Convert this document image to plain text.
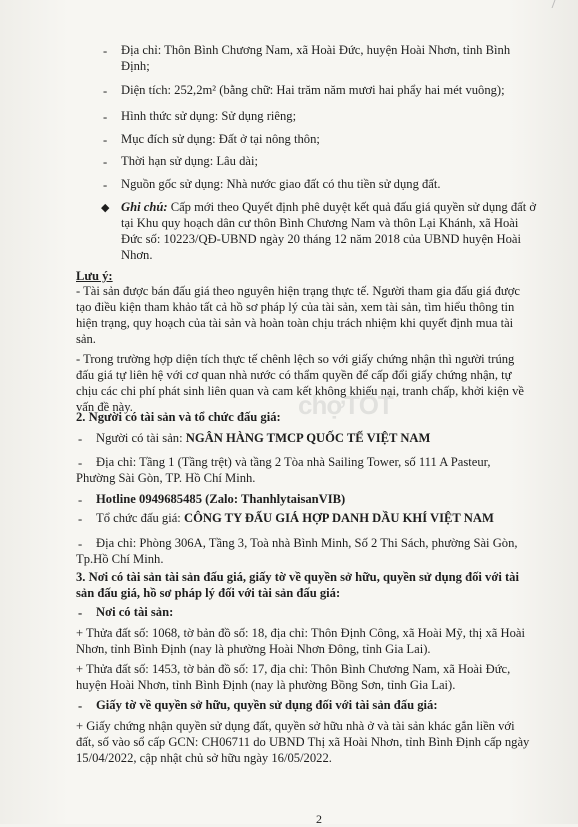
- Địa chỉ: Thôn Bình Chương Nam, xã Hoài Đức, huyện Hoài Nhơn, tỉnh Bình
Định;
- Diện tích: 252,2m² (bằng chữ: Hai trăm năm mươi hai phẩy hai mét vuông);
- Hình thức sử dụng: Sử dụng riêng;
- Mục đích sử dụng: Đất ở tại nông thôn;
- Thời hạn sử dụng: Lâu dài;
- Nguồn gốc sử dụng: Nhà nước giao đất có thu tiền sử dụng đất.
◆ Ghi chú: Cấp mới theo Quyết định phê duyệt kết quả đấu giá quyền sử dụng đất ở
tại Khu quy hoạch dân cư thôn Bình Chương Nam và thôn Lại Khánh, xã Hoài
Đức số: 10223/QĐ-UBND ngày 20 tháng 12 năm 2018 của UBND huyện Hoài
Nhơn.
Lưu ý:
- Tài sản được bán đấu giá theo nguyên hiện trạng thực tế. Người tham gia đấu giá được
tạo điều kiện tham khảo tất cả hồ sơ pháp lý của tài sản, xem tài sản, tìm hiểu thông tin
hiện trạng, quy hoạch của tài sản và hoàn toàn chịu trách nhiệm khi quyết định mua tài
sản.
- Trong trường hợp diện tích thực tế chênh lệch so với giấy chứng nhận thì người trúng
đấu giá tự liên hệ với cơ quan nhà nước có thẩm quyền để cấp đổi giấy chứng nhận, tự
chịu các chi phí phát sinh liên quan và cam kết không khiếu nại, tranh chấp, khởi kiện về
vấn đề này.
2. Người có tài sản và tổ chức đấu giá:
- Người có tài sản: NGÂN HÀNG TMCP QUỐC TẾ VIỆT NAM
- Địa chỉ: Tầng 1 (Tầng trệt) và tầng 2 Tòa nhà Sailing Tower, số 111 A Pasteur,
Phường Sài Gòn, TP. Hồ Chí Minh.
- Hotline 0949685485 (Zalo: ThanhlytaisanVIB)
- Tổ chức đấu giá: CÔNG TY ĐẤU GIÁ HỢP DANH DẦU KHÍ VIỆT NAM
- Địa chỉ: Phòng 306A, Tầng 3, Toà nhà Bình Minh, Số 2 Thi Sách, phường Sài Gòn,
Tp.Hồ Chí Minh.
3. Nơi có tài sản tài sản đấu giá, giấy tờ về quyền sở hữu, quyền sử dụng đối với tài
sản đấu giá, hồ sơ pháp lý đối với tài sản đấu giá:
- Nơi có tài sản:
+ Thửa đất số: 1068, tờ bản đồ số: 18, địa chỉ: Thôn Định Công, xã Hoài Mỹ, thị xã Hoài
Nhơn, tỉnh Bình Định (nay là phường Hoài Nhơn Đông, tỉnh Gia Lai).
+ Thửa đất số: 1453, tờ bản đồ số: 17, địa chỉ: Thôn Bình Chương Nam, xã Hoài Đức,
huyện Hoài Nhơn, tỉnh Bình Định (nay là phường Bồng Sơn, tỉnh Gia Lai).
- Giấy tờ về quyền sở hữu, quyền sử dụng đối với tài sản đấu giá:
+ Giấy chứng nhận quyền sử dụng đất, quyền sở hữu nhà ở và tài sản khác gắn liền với
đất, số vào sổ cấp GCN: CH06711 do UBND Thị xã Hoài Nhơn, tỉnh Bình Định cấp ngày
15/04/2022, cập nhật chủ sở hữu ngày 16/05/2022.
chợTỐT
2
